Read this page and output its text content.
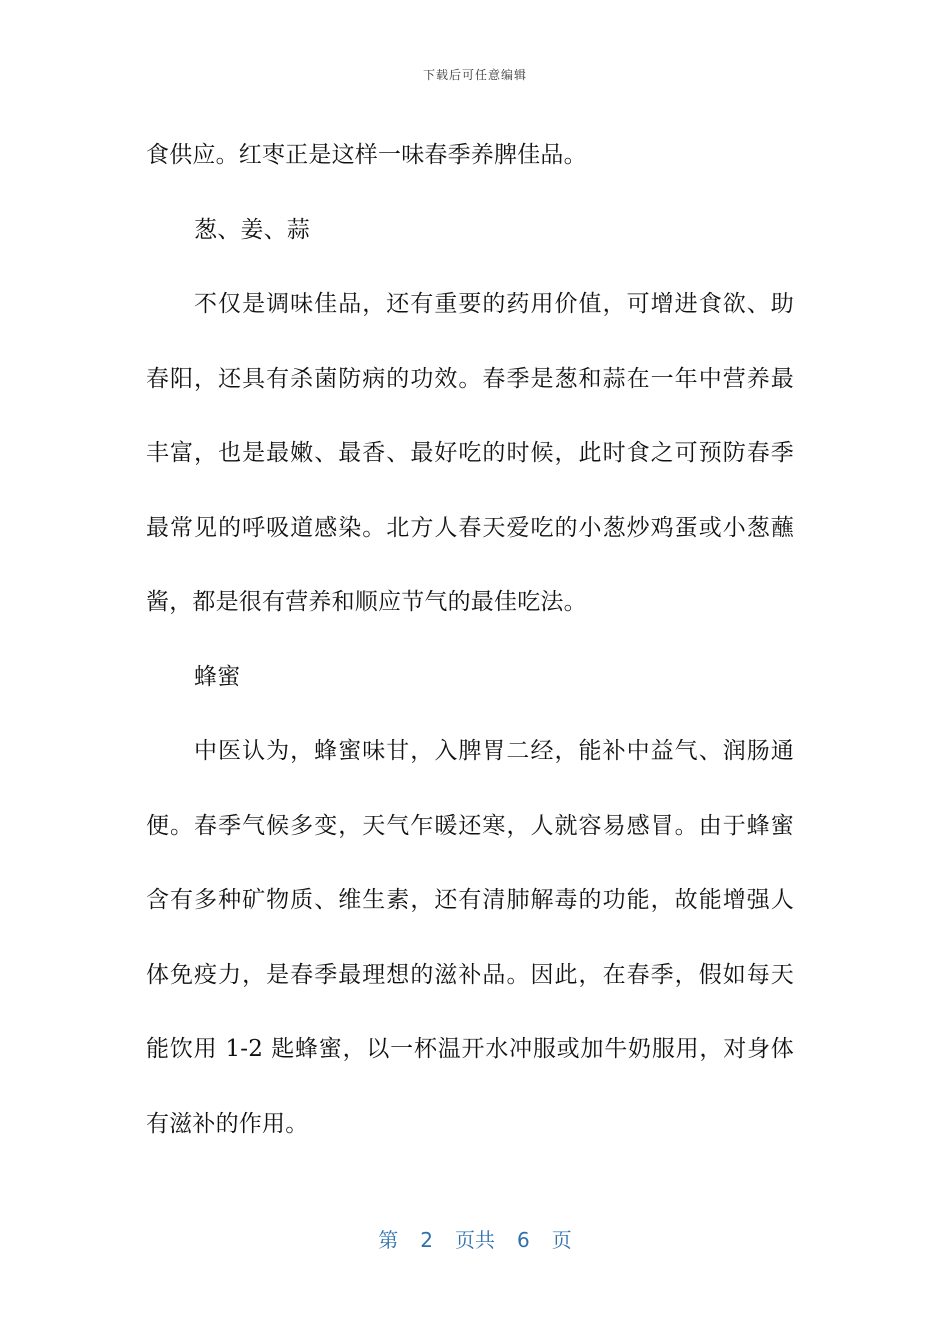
下载后可任意编辑
食供应。红枣正是这样一味春季养脾佳品。
葱、姜、蒜
不仅是调味佳品，还有重要的药用价值，可增进食欲、助
春阳，还具有杀菌防病的功效。春季是葱和蒜在一年中营养最
丰富，也是最嫩、最香、最好吃的时候，此时食之可预防春季
最常见的呼吸道感染。北方人春天爱吃的小葱炒鸡蛋或小葱蘸
酱，都是很有营养和顺应节气的最佳吃法。
蜂蜜
中医认为，蜂蜜味甘，入脾胃二经，能补中益气、润肠通
便。春季气候多变，天气乍暖还寒，人就容易感冒。由于蜂蜜
含有多种矿物质、维生素，还有清肺解毒的功能，故能增强人
体免疫力，是春季最理想的滋补品。因此，在春季，假如每天
能饮用 1-2 匙蜂蜜，以一杯温开水冲服或加牛奶服用，对身体
有滋补的作用。
第 2 页共 6 页
